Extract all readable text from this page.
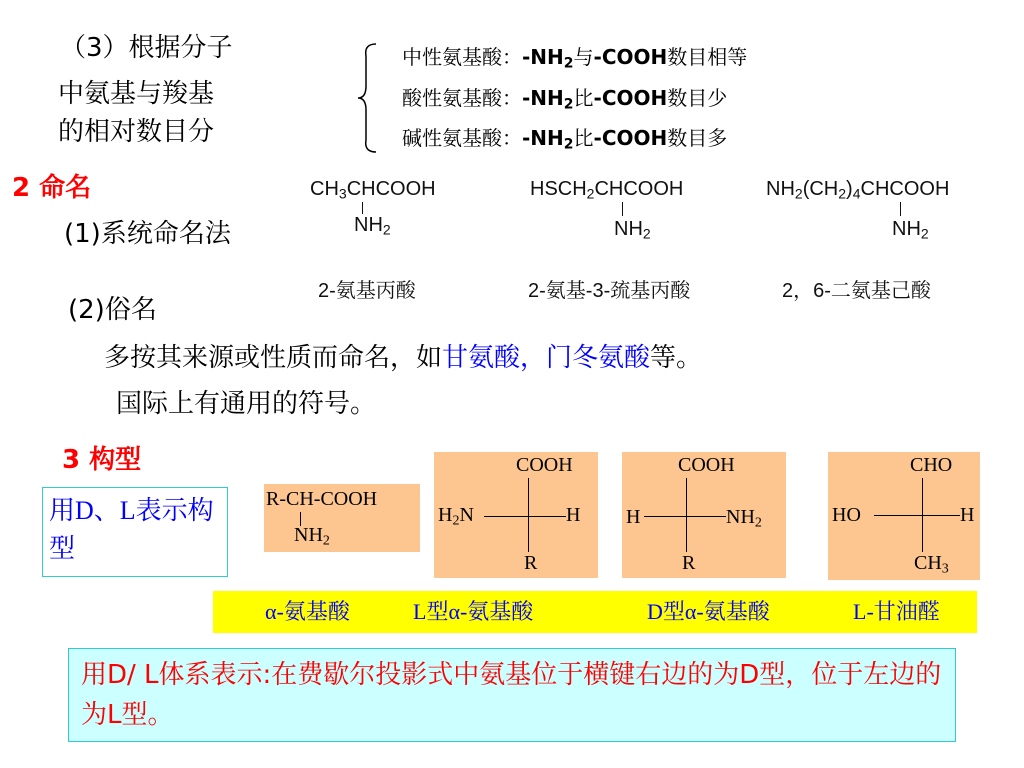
（3）根据分子
中氨基与羧基
的相对数目分
中性氨基酸：$-NH_2$与-COOH数目相等
酸性氨基酸：$-NH_2$比-COOH数目少
碱性氨基酸：$-NH_2$比-COOH数目多
2 命名
(1)系统命名法
$CH_3CHCOOH$
$NH_2$
2-氨基丙酸
$HSCH_2CHCOOH$
$NH_2$
2-氨基-3-巯基丙酸
$NH_2(CH_2)_4CHCOOH$
$NH_2$
2，6-二氨基己酸
(2)俗名
多按其来源或性质而命名，如甘氨酸，门冬氨酸等。
国际上有通用的符号。
3 构型
用D、L表示构型
R-CH-COOH
$NH_2$
COOH
$H_2N$	H
R
COOH
H	$NH_2$
R
CHO
HO	H
$CH_3$
α-氨基酸	L型α-氨基酸	D型α-氨基酸	L-甘油醛
用D/ L体系表示:在费歇尔投影式中氨基位于横键右边的为D型，位于左边的为L型。
